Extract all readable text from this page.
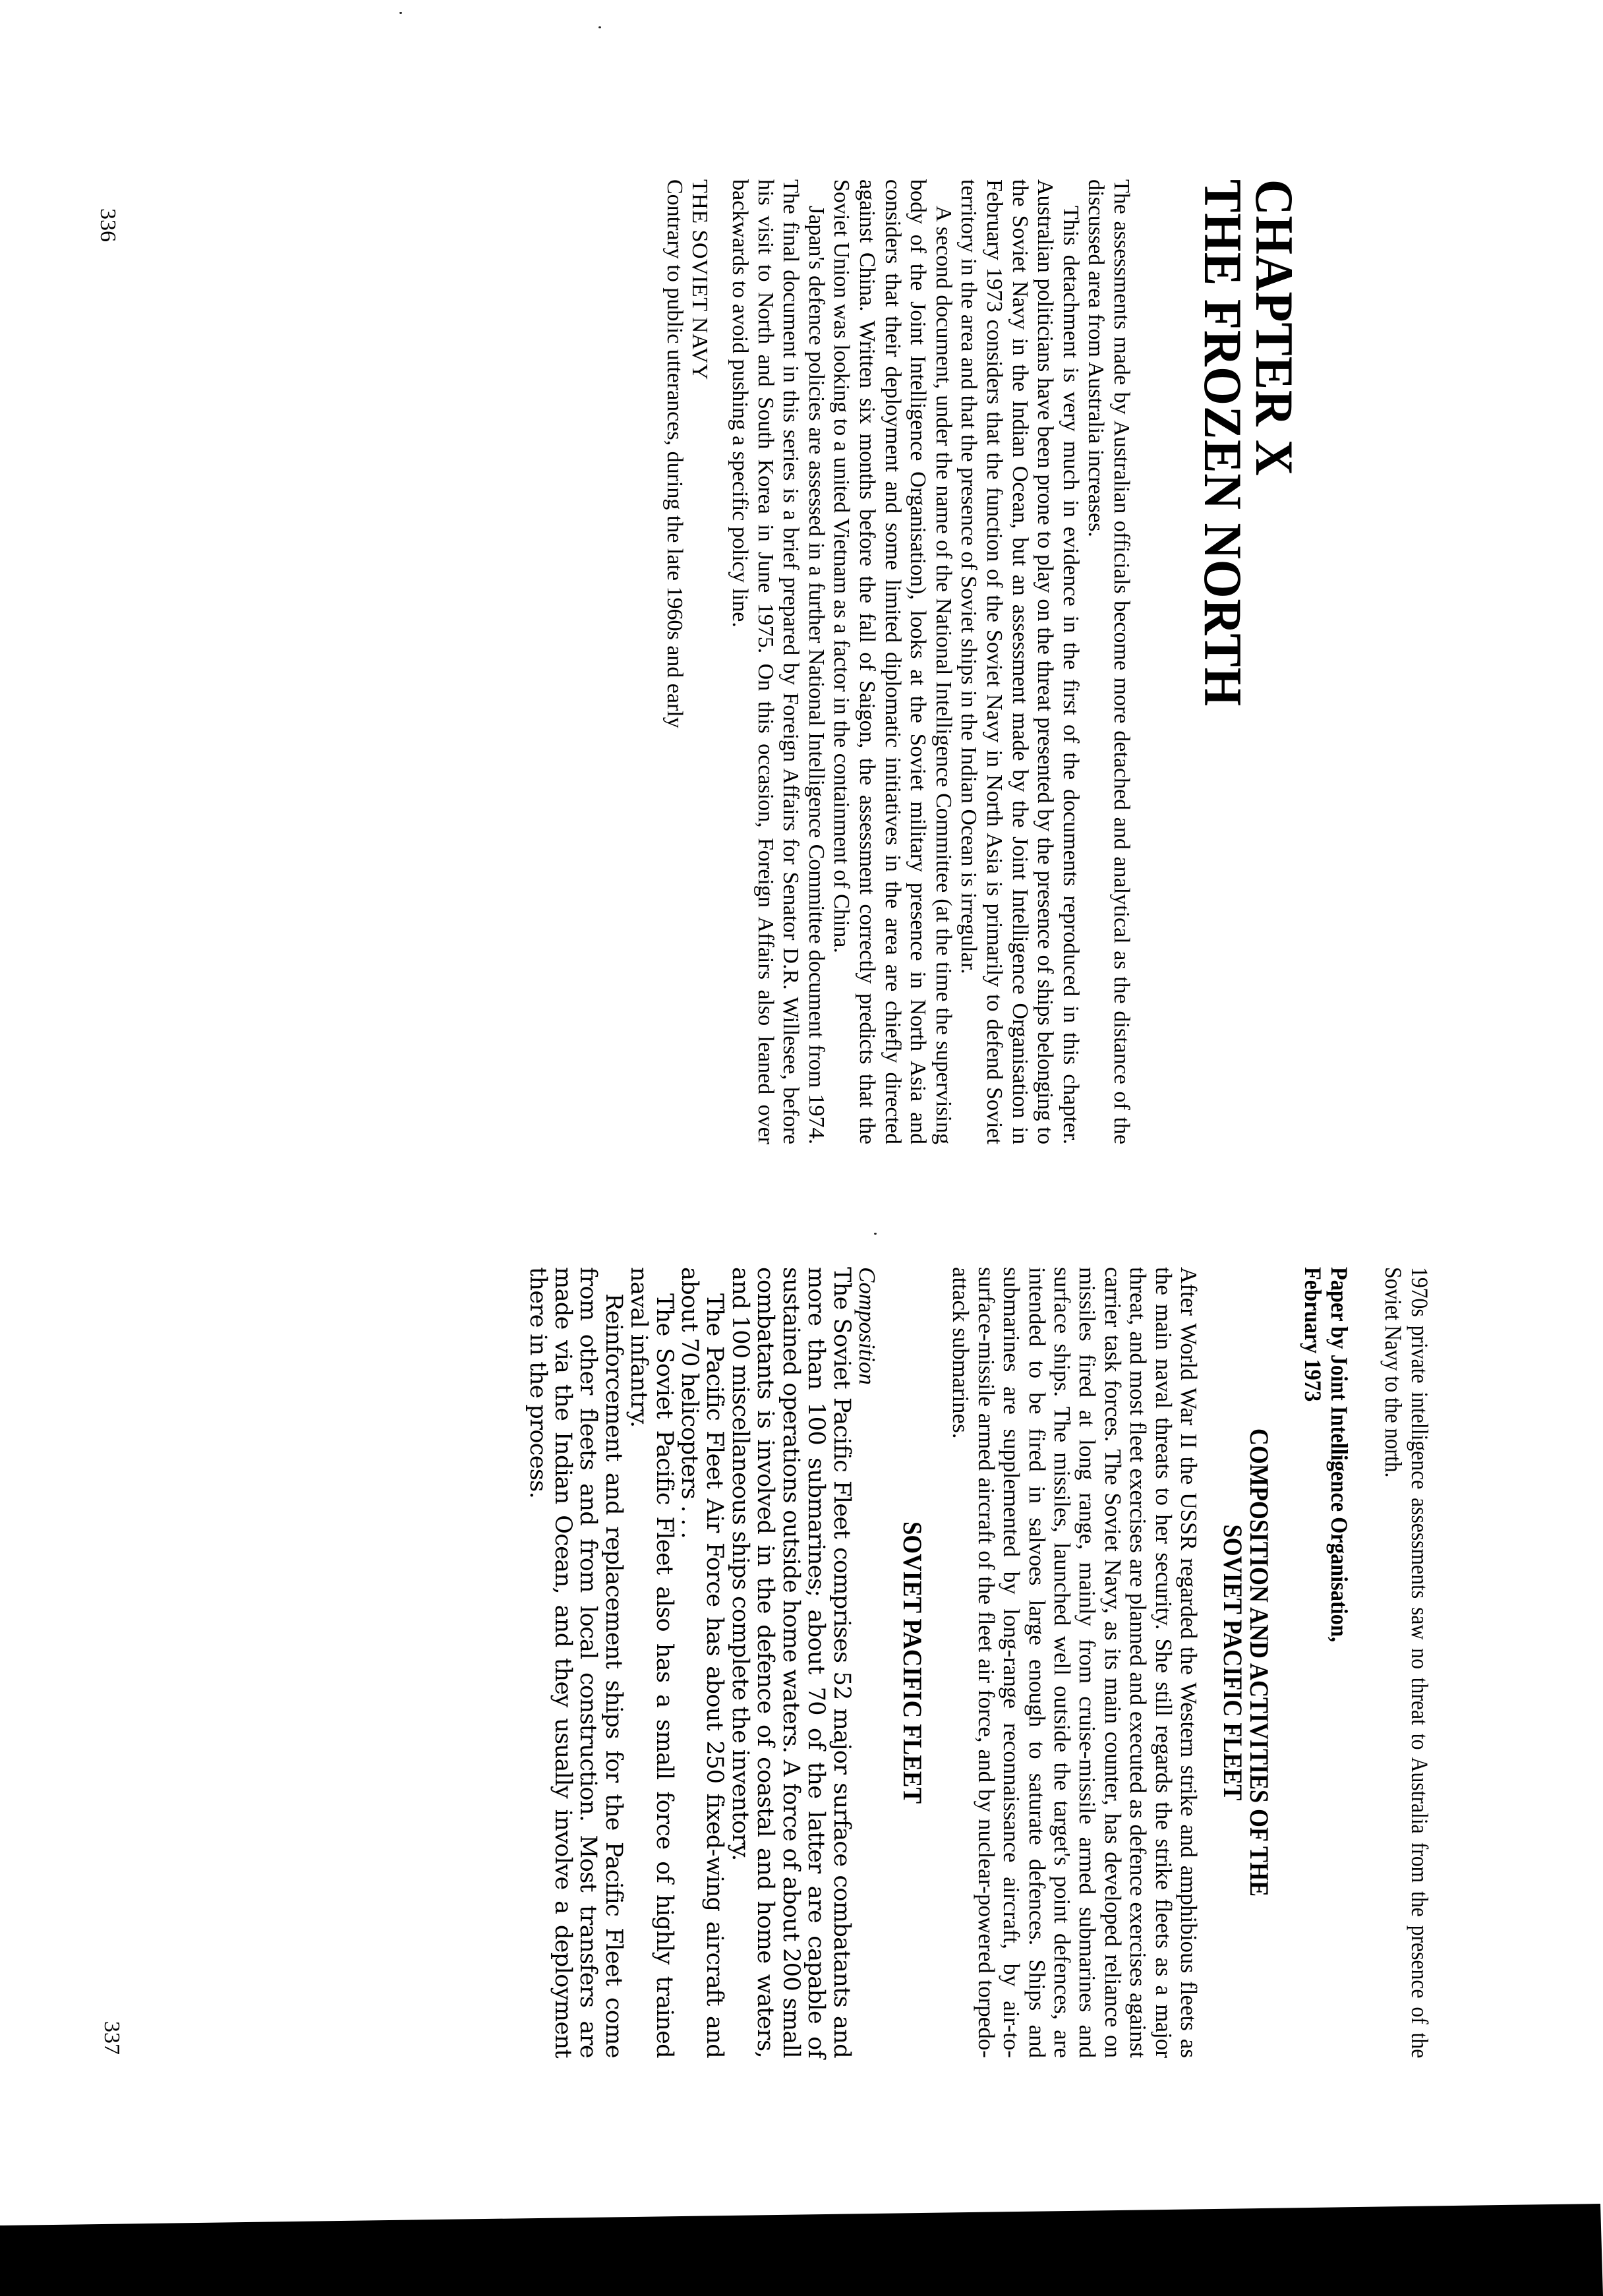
CHAPTER X
THE FROZEN NORTH

The assessments made by Australian officials become more detached and analytical as the distance of the discussed area from Australia increases.

This detachment is very much in evidence in the first of the documents reproduced in this chapter. Australian politicians have been prone to play on the threat presented by the presence of ships belonging to the Soviet Navy in the Indian Ocean, but an assessment made by the Joint Intelligence Organisation in February 1973 considers that the function of the Soviet Navy in North Asia is primarily to defend Soviet territory in the area and that the presence of Soviet ships in the Indian Ocean is irregular.

A second document, under the name of the National Intelligence Committee (at the time the supervising body of the Joint Intelligence Organisation), looks at the Soviet military presence in North Asia and considers that their deployment and some limited diplomatic initiatives in the area are chiefly directed against China. Written six months before the fall of Saigon, the assessment correctly predicts that the Soviet Union was looking to a united Vietnam as a factor in the containment of China.

Japan's defence policies are assessed in a further National Intelligence Committee document from 1974. The final document in this series is a brief prepared by Foreign Affairs for Senator D.R. Willesee, before his visit to North and South Korea in June 1975. On this occasion, Foreign Affairs also leaned over backwards to avoid pushing a specific policy line.

THE SOVIET NAVY

Contrary to public utterances, during the late 1960s and early

336
1970s private intelligence assessments saw no threat to Australia from the presence of the Soviet Navy to the north.
Paper by Joint Intelligence Organisation,
February 1973
COMPOSITION AND ACTIVITIES OF THE
SOVIET PACIFIC FLEET
After World War II the USSR regarded the Western strike and amphibious fleets as the main naval threats to her security. She still regards the strike fleets as a major threat, and most fleet exercises are planned and executed as defence exercises against carrier task forces. The Soviet Navy, as its main counter, has developed reliance on missiles fired at long range, mainly from cruise-missile armed submarines and surface ships. The missiles, launched well outside the target's point defences, are intended to be fired in salvoes large enough to saturate defences. Ships and submarines are supplemented by long-range reconnaissance aircraft, by air-to-surface-missile armed aircraft of the fleet air force, and by nuclear-powered torpedo-attack submarines.
SOVIET PACIFIC FLEET
Composition

The Soviet Pacific Fleet comprises 52 major surface combatants and more than 100 submarines; about 70 of the latter are capable of sustained operations outside home waters. A force of about 200 small combatants is involved in the defence of coastal and home waters, and 100 miscellaneous ships complete the inventory.

The Pacific Fleet Air Force has about 250 fixed-wing aircraft and about 70 helicopters . . .

The Soviet Pacific Fleet also has a small force of highly trained naval infantry.

Reinforcement and replacement ships for the Pacific Fleet come from other fleets and from local construction. Most transfers are made via the Indian Ocean, and they usually involve a deployment there in the process.

337
